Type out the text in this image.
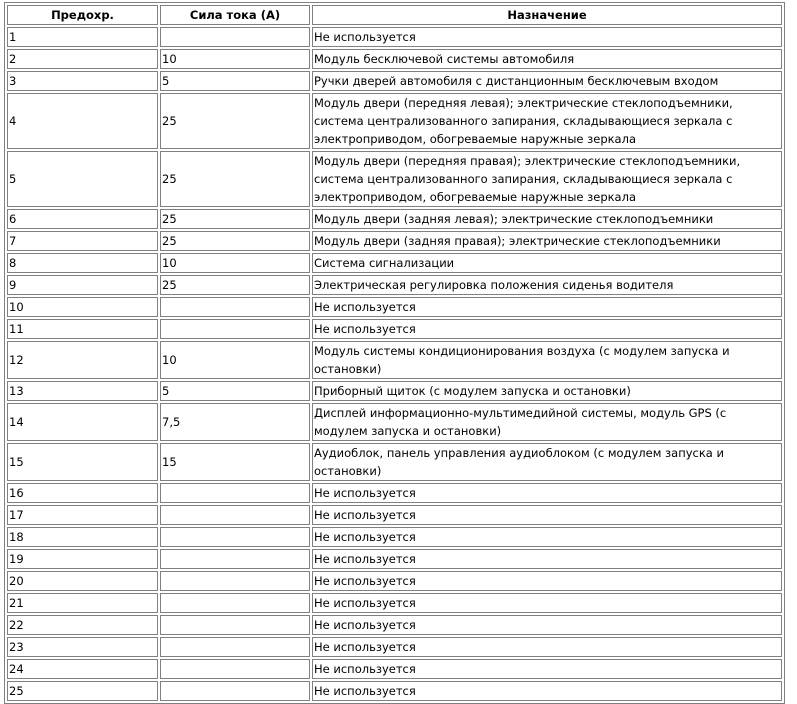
Предохр.	Сила тока (А)	Назначение
1		Не используется
2	10	Модуль бесключевой системы автомобиля
3	5	Ручки дверей автомобиля с дистанционным бесключевым входом
4	25	Модуль двери (передняя левая); электрические стеклоподъемники, система централизованного запирания, складывающиеся зеркала с электроприводом, обогреваемые наружные зеркала
5	25	Модуль двери (передняя правая); электрические стеклоподъемники, система централизованного запирания, складывающиеся зеркала с электроприводом, обогреваемые наружные зеркала
6	25	Модуль двери (задняя левая); электрические стеклоподъемники
7	25	Модуль двери (задняя правая); электрические стеклоподъемники
8	10	Система сигнализации
9	25	Электрическая регулировка положения сиденья водителя
10		Не используется
11		Не используется
12	10	Модуль системы кондиционирования воздуха (с модулем запуска и остановки)
13	5	Приборный щиток (с модулем запуска и остановки)
14	7,5	Дисплей информационно-мультимедийной системы, модуль GPS (с модулем запуска и остановки)
15	15	Аудиоблок, панель управления аудиоблоком (с модулем запуска и остановки)
16		Не используется
17		Не используется
18		Не используется
19		Не используется
20		Не используется
21		Не используется
22		Не используется
23		Не используется
24		Не используется
25		Не используется
